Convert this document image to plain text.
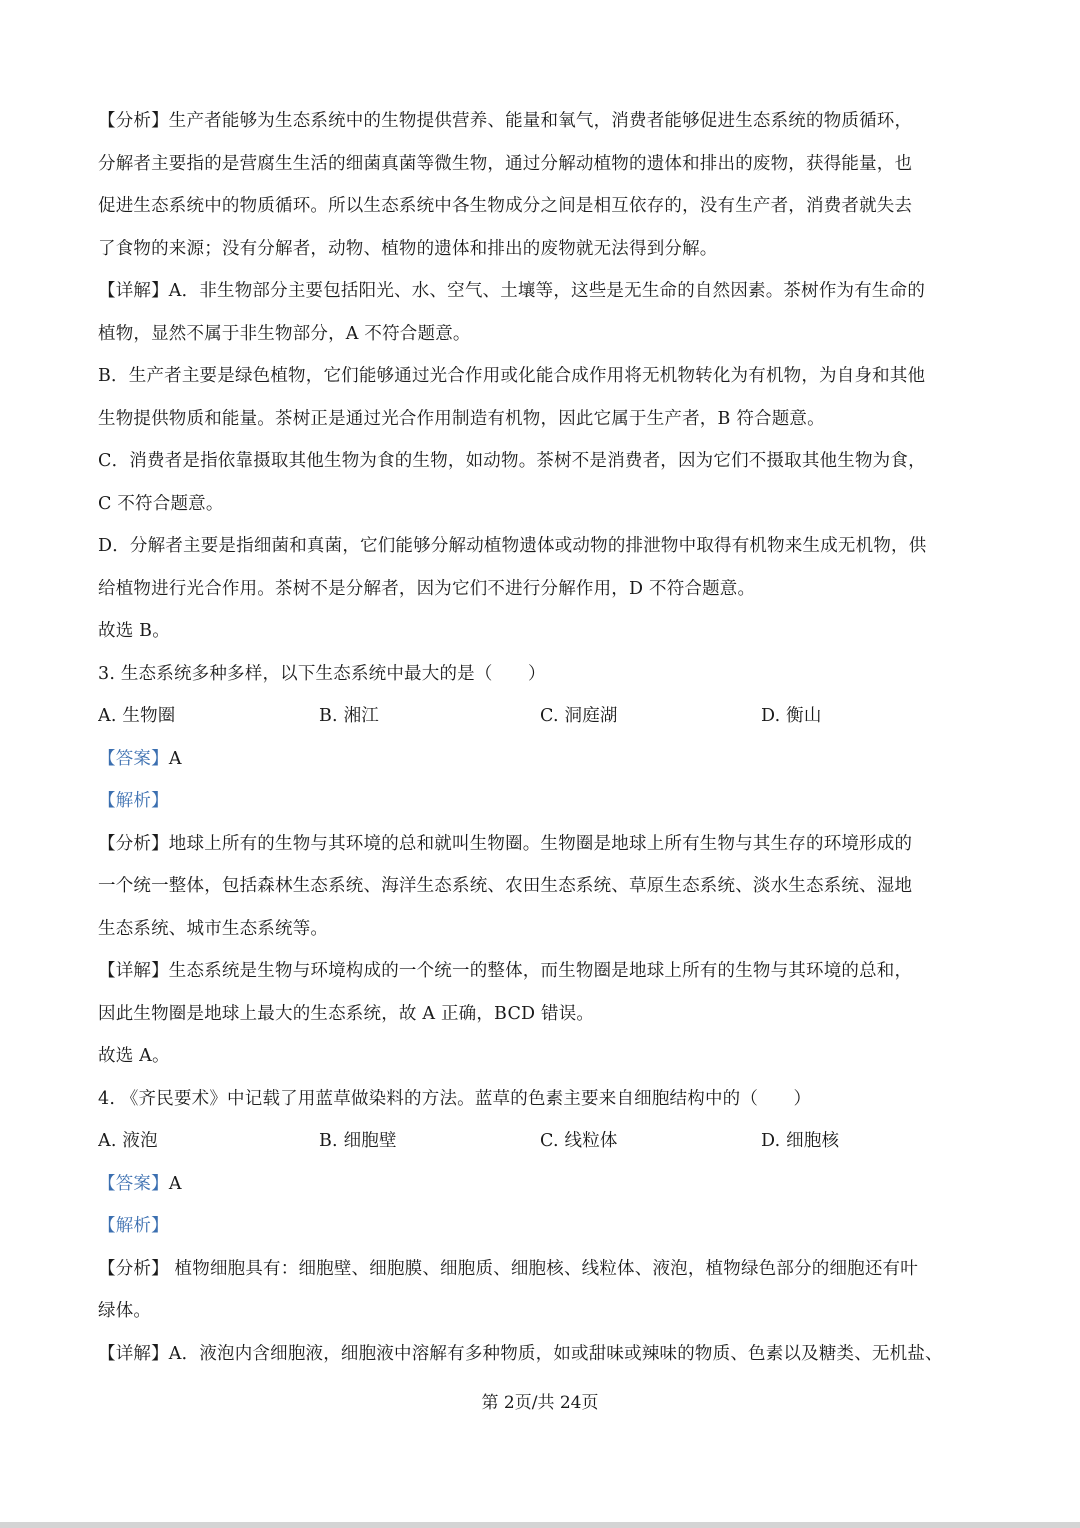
【分析】生产者能够为生态系统中的生物提供营养、能量和氧气，消费者能够促进生态系统的物质循环，
分解者主要指的是营腐生生活的细菌真菌等微生物，通过分解动植物的遗体和排出的废物，获得能量，也
促进生态系统中的物质循环。所以生态系统中各生物成分之间是相互依存的，没有生产者，消费者就失去
了食物的来源；没有分解者，动物、植物的遗体和排出的废物就无法得到分解。
【详解】A．非生物部分主要包括阳光、水、空气、土壤等，这些是无生命的自然因素。茶树作为有生命的
植物，显然不属于非生物部分，A 不符合题意。
B．生产者主要是绿色植物，它们能够通过光合作用或化能合成作用将无机物转化为有机物，为自身和其他
生物提供物质和能量。茶树正是通过光合作用制造有机物，因此它属于生产者，B 符合题意。
C．消费者是指依靠摄取其他生物为食的生物，如动物。茶树不是消费者，因为它们不摄取其他生物为食，
C 不符合题意。
D．分解者主要是指细菌和真菌，它们能够分解动植物遗体或动物的排泄物中取得有机物来生成无机物，供
给植物进行光合作用。茶树不是分解者，因为它们不进行分解作用，D 不符合题意。
故选 B。
3. 生态系统多种多样，以下生态系统中最大的是（　　）
A. 生物圈	B. 湘江	C. 洞庭湖	D. 衡山
【答案】A
【解析】
【分析】地球上所有的生物与其环境的总和就叫生物圈。生物圈是地球上所有生物与其生存的环境形成的
一个统一整体，包括森林生态系统、海洋生态系统、农田生态系统、草原生态系统、淡水生态系统、湿地
生态系统、城市生态系统等。
【详解】生态系统是生物与环境构成的一个统一的整体，而生物圈是地球上所有的生物与其环境的总和，
因此生物圈是地球上最大的生态系统，故 A 正确，BCD 错误。
故选 A。
4. 《齐民要术》中记载了用蓝草做染料的方法。蓝草的色素主要来自细胞结构中的（　　）
A. 液泡	B. 细胞壁	C. 线粒体	D. 细胞核
【答案】A
【解析】
【分析】 植物细胞具有：细胞壁、细胞膜、细胞质、细胞核、线粒体、液泡，植物绿色部分的细胞还有叶
绿体。
【详解】A．液泡内含细胞液，细胞液中溶解有多种物质，如或甜味或辣味的物质、色素以及糖类、无机盐、
第 2页/共 24页
